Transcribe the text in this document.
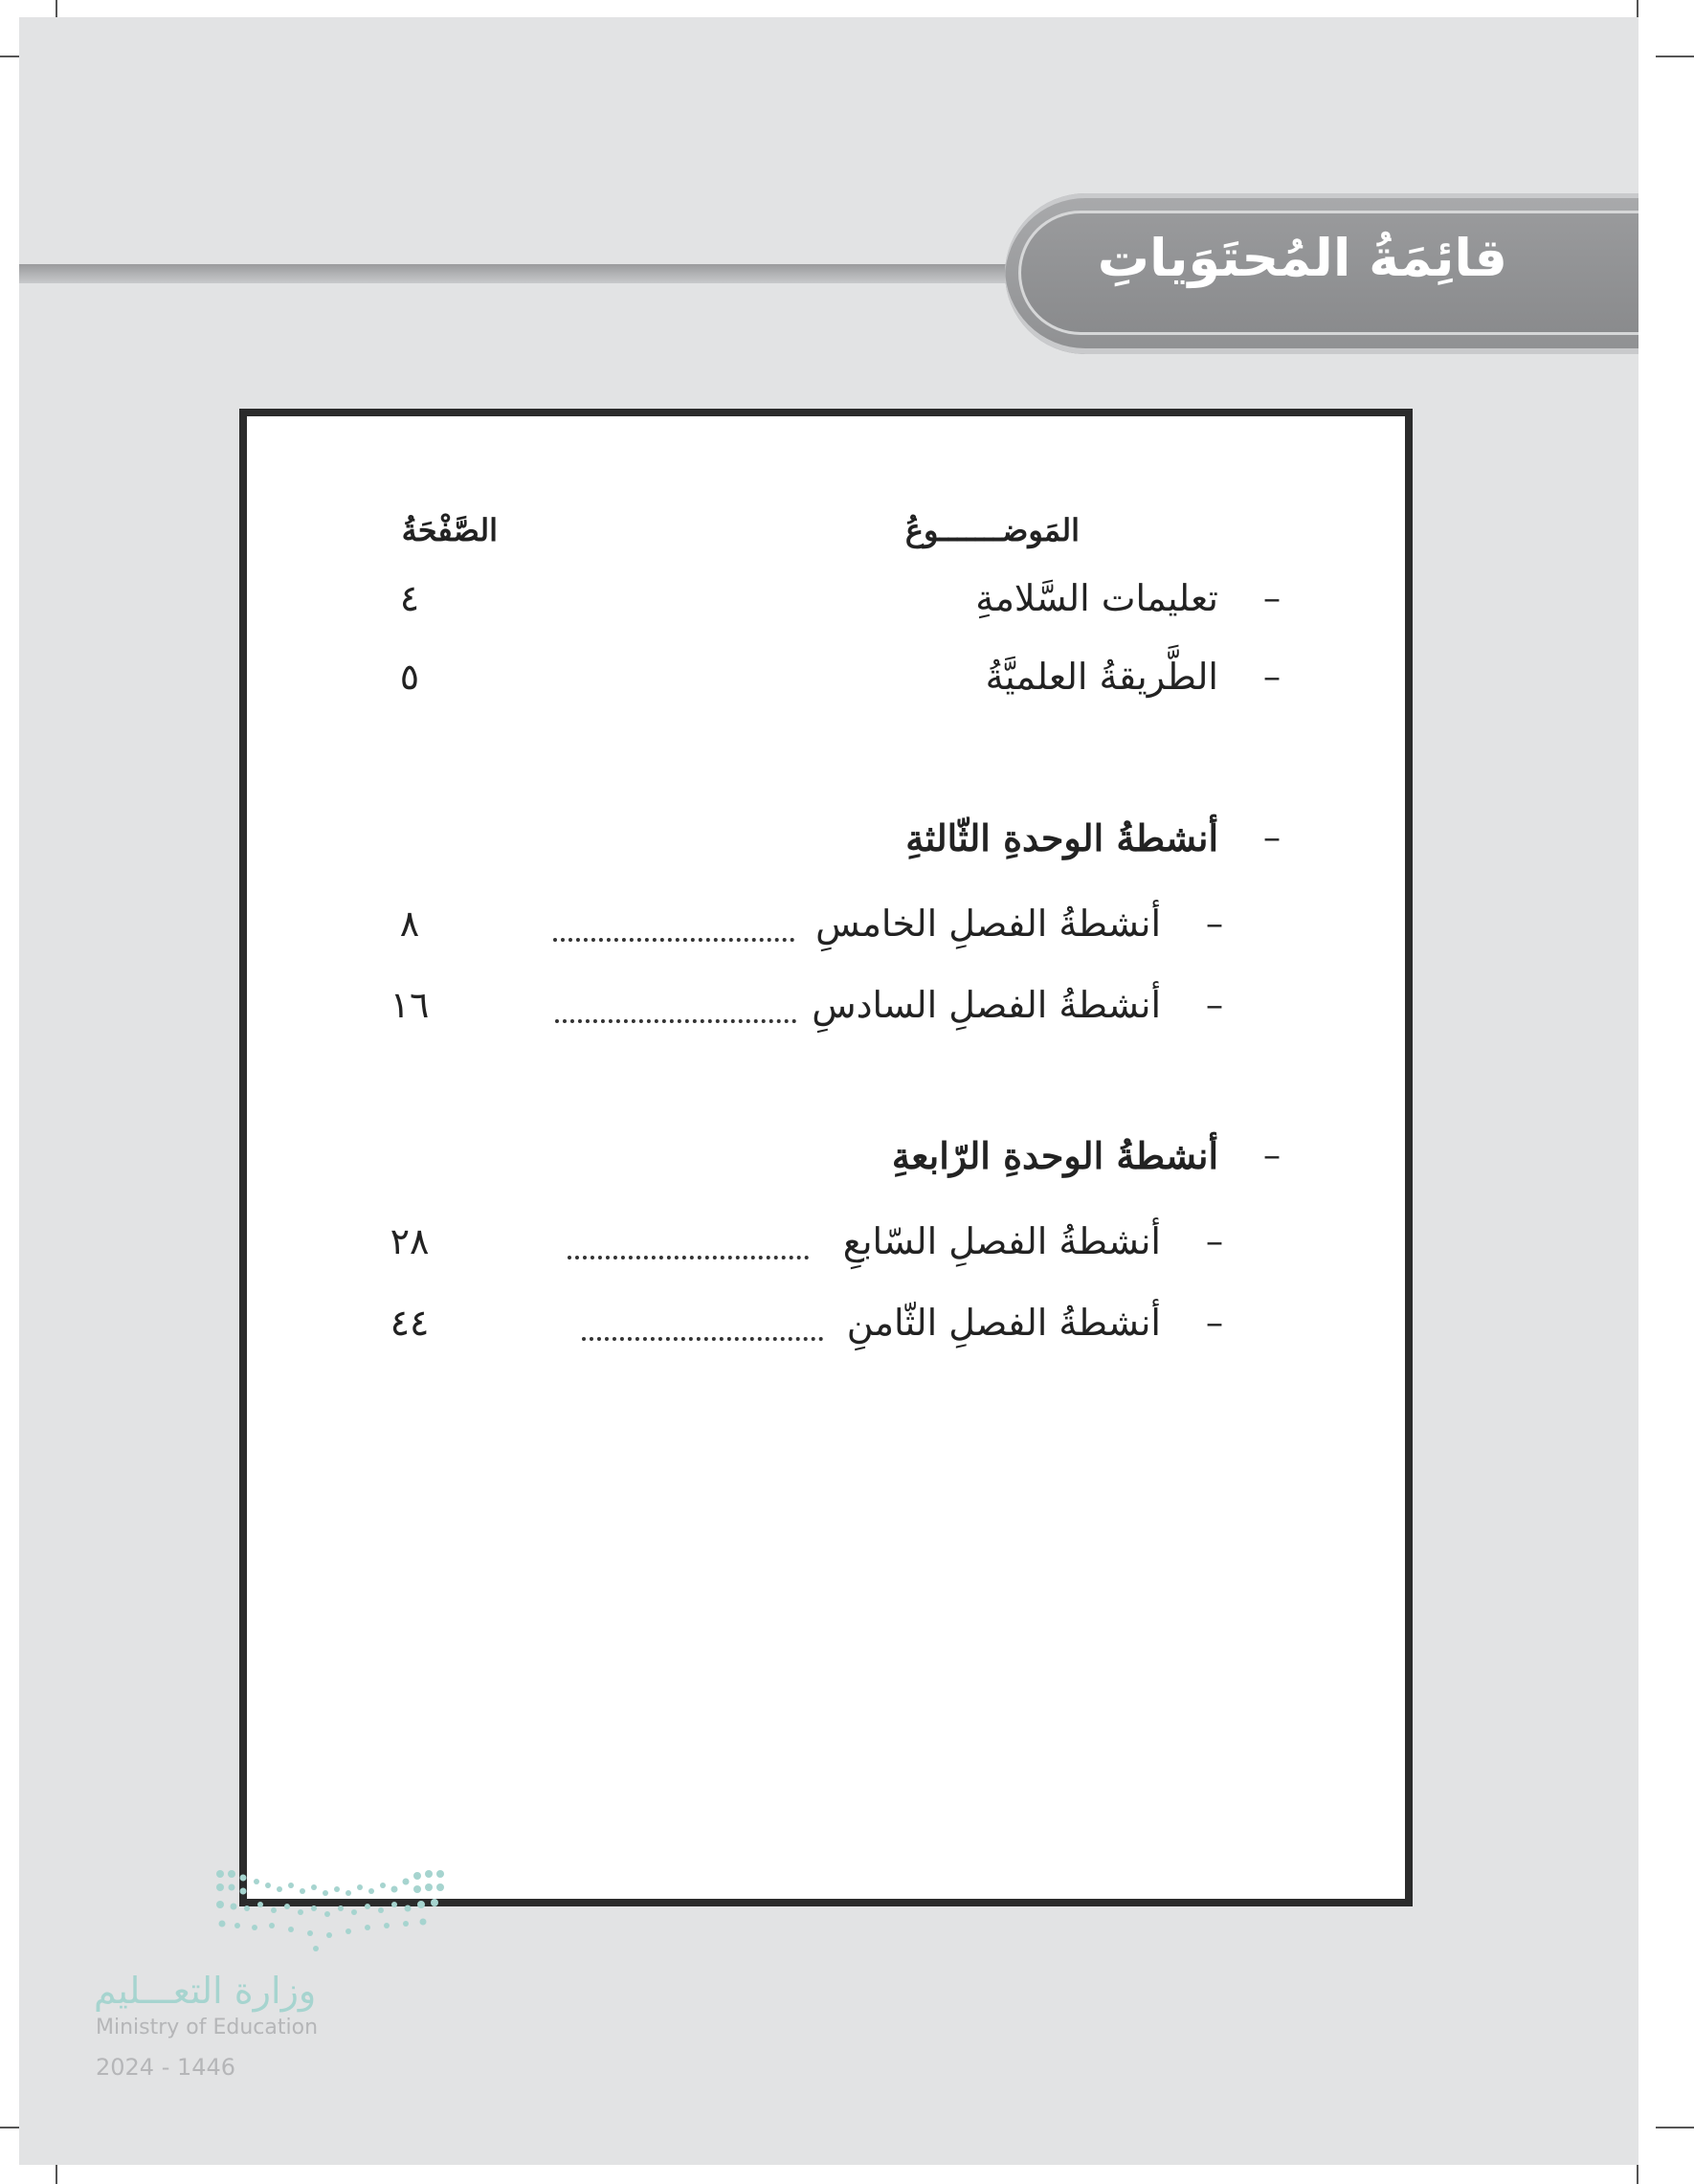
قائِمَةُ المُحتَوَياتِ
المَوضـــــــوعُ
الصَّفْحَةُ
–
تعليمات السَّلامةِ
٤
–
الطَّريقةُ العلميَّةُ
٥
–
أنشطةُ الوحدةِ الثّالثةِ
–
أنشطةُ الفصلِ الخامسِ
٨
–
أنشطةُ الفصلِ السادسِ
١٦
–
أنشطةُ الوحدةِ الرّابعةِ
–
أنشطةُ الفصلِ السّابعِ
٢٨
–
أنشطةُ الفصلِ الثّامنِ
٤٤
وزارة التعـــليم
Ministry of Education
2024 - 1446
